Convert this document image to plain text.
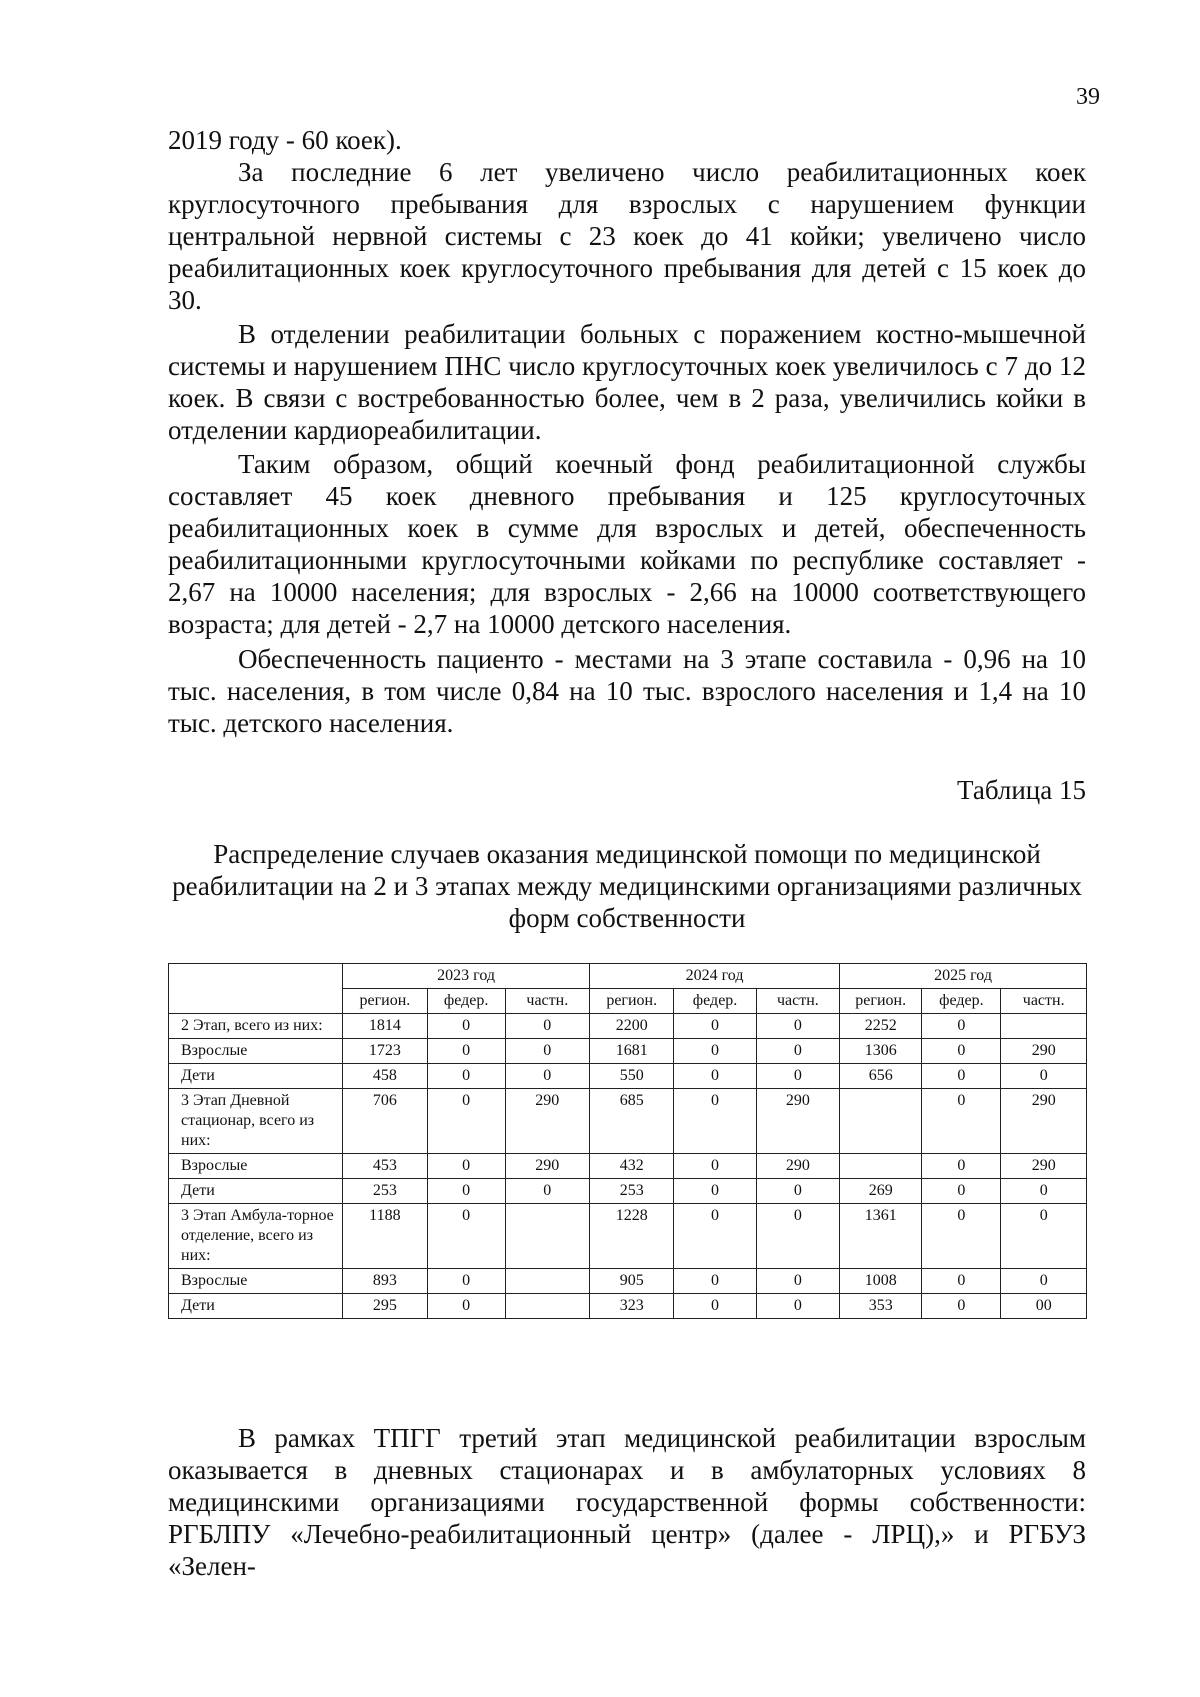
39

2019 году - 60 коек).

За последние 6 лет увеличено число реабилитационных коек круглосуточного пребывания для взрослых с нарушением функции центральной нервной системы с 23 коек до 41 койки; увеличено число реабилитационных коек круглосуточного пребывания для детей с 15 коек до 30.

В отделении реабилитации больных с поражением костно-мышечной системы и нарушением ПНС число круглосуточных коек увеличилось с 7 до 12 коек. В связи с востребованностью более, чем в 2 раза, увеличились койки в отделении кардиореабилитации.

Таким образом, общий коечный фонд реабилитационной службы составляет 45 коек дневного пребывания и 125 круглосуточных реабилитационных коек в сумме для взрослых и детей, обеспеченность реабилитационными круглосуточными койками по республике составляет - 2,67 на 10000 населения; для взрослых - 2,66 на 10000 соответствующего возраста; для детей - 2,7 на 10000 детского населения.

Обеспеченность пациенто - местами на 3 этапе составила - 0,96 на 10 тыс. населения, в том числе 0,84 на 10 тыс. взрослого населения и 1,4 на 10 тыс. детского населения.

Таблица 15
Распределение случаев оказания медицинской помощи по медицинской реабилитации на 2 и 3 этапах между медицинскими организациями различных форм собственности
	2023 год			2024 год			2025 год		
	регион.	федер.	частн.	регион.	федер.	частн.	регион.	федер.	частн.
2 Этап, всего из них:	1814	0	0	2200	0	0	2252	0	
Взрослые	1723	0	0	1681	0	0	1306	0	290
Дети	458	0	0	550	0	0	656	0	0
3 Этап Дневной стационар, всего из них:	706	0	290	685	0	290		0	290
Взрослые	453	0	290	432	0	290		0	290
Дети	253	0	0	253	0	0	269	0	0
3 Этап Амбула-торное отделение, всего из них:	1188	0		1228	0	0	1361	0	0
Взрослые	893	0		905	0	0	1008	0	0
Дети	295	0		323	0	0	353	0	00

В рамках ТПГГ третий этап медицинской реабилитации взрослым оказывается в дневных стационарах и в амбулаторных условиях 8 медицинскими организациями государственной формы собственности: РГБЛПУ «Лечебно-реабилитационный центр» (далее - ЛРЦ),» и РГБУЗ «Зелен-
